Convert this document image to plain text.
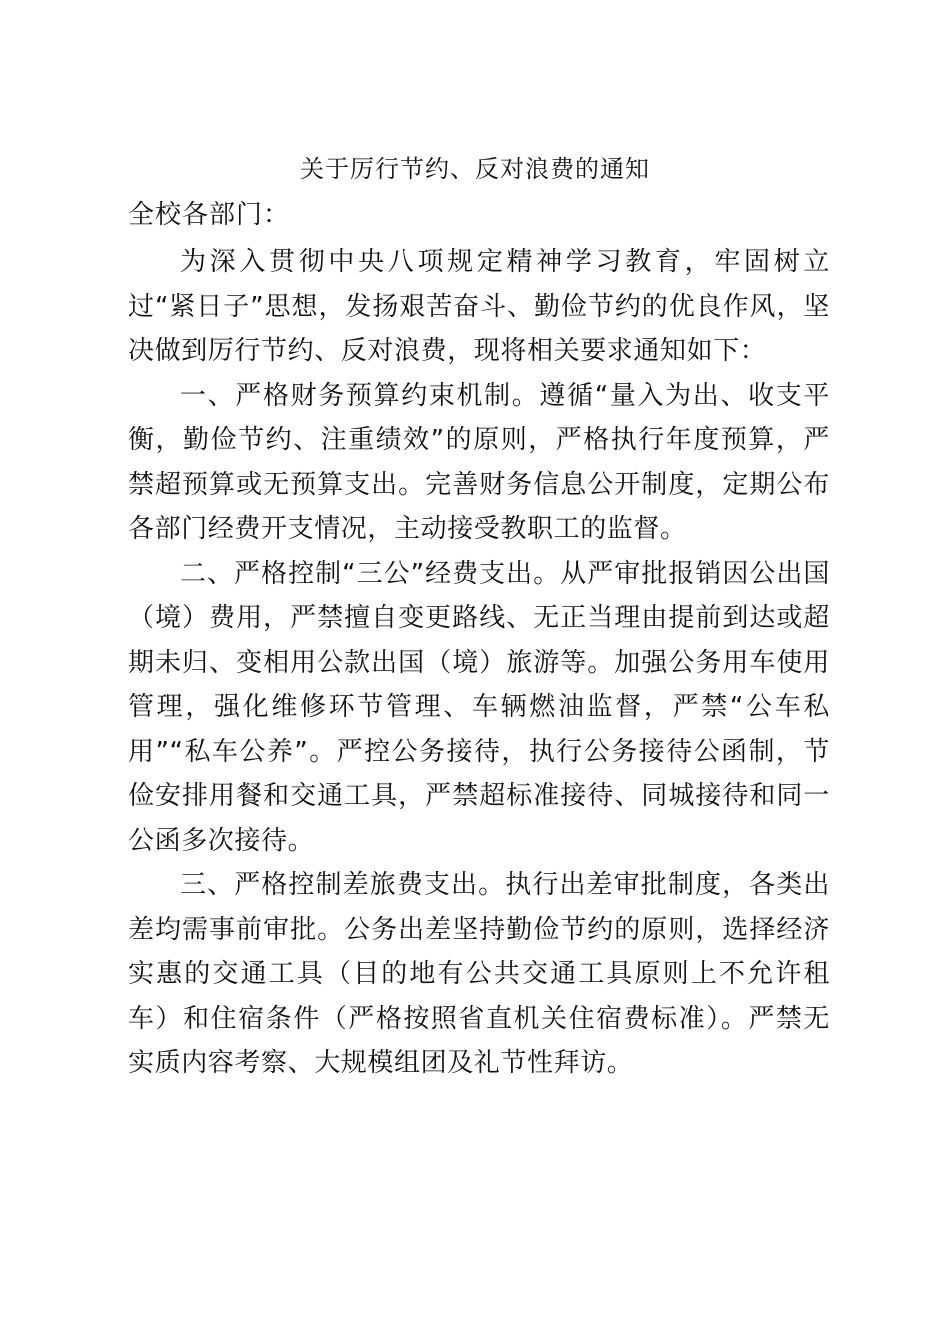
关于厉行节约、反对浪费的通知
全校各部门：

为深入贯彻中央八项规定精神学习教育，牢固树立过“紧日子”思想，发扬艰苦奋斗、勤俭节约的优良作风，坚决做到厉行节约、反对浪费，现将相关要求通知如下：

一、严格财务预算约束机制。遵循“量入为出、收支平衡，勤俭节约、注重绩效”的原则，严格执行年度预算，严禁超预算或无预算支出。完善财务信息公开制度，定期公布各部门经费开支情况，主动接受教职工的监督。

二、严格控制“三公”经费支出。从严审批报销因公出国（境）费用，严禁擅自变更路线、无正当理由提前到达或超期未归、变相用公款出国（境）旅游等。加强公务用车使用管理，强化维修环节管理、车辆燃油监督，严禁“公车私用”“私车公养”。严控公务接待，执行公务接待公函制，节俭安排用餐和交通工具，严禁超标准接待、同城接待和同一公函多次接待。

三、严格控制差旅费支出。执行出差审批制度，各类出差均需事前审批。公务出差坚持勤俭节约的原则，选择经济实惠的交通工具（目的地有公共交通工具原则上不允许租车）和住宿条件（严格按照省直机关住宿费标准）。严禁无实质内容考察、大规模组团及礼节性拜访。
